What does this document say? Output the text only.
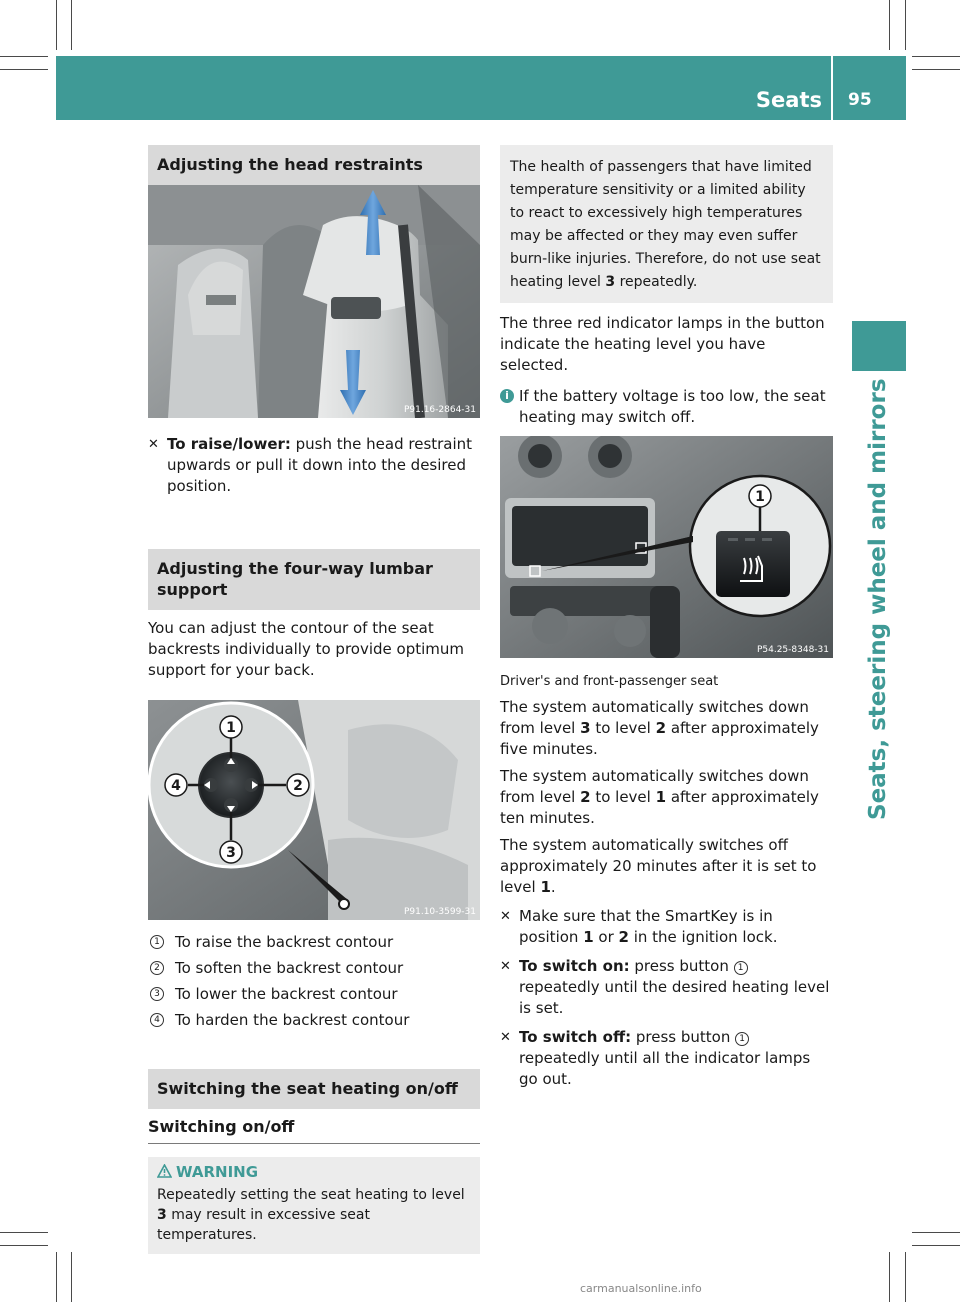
Seats 95
Seats, steering wheel and mirrors
Adjusting the head restraints
P91.16-2864-31
✕ To raise/lower: push the head restraint upwards or pull it down into the desired position.
Adjusting the four-way lumbar support

You can adjust the contour of the seat backrests individually to provide optimum support for your back.

1
2
3
4
P91.10-3599-31
1 To raise the backrest contour
2 To soften the backrest contour
3 To lower the backrest contour
4 To harden the backrest contour
Switching the seat heating on/off
Switching on/off
WARNING
Repeatedly setting the seat heating to level 3 may result in excessive seat temperatures.
The health of passengers that have limited temperature sensitivity or a limited ability to react to excessively high temperatures may be affected or they may even suffer burn-like injuries. Therefore, do not use seat heating level 3 repeatedly.

The three red indicator lamps in the button indicate the heating level you have selected.

i If the battery voltage is too low, the seat heating may switch off.
1
P54.25-8348-31
Driver's and front-passenger seat

The system automatically switches down from level 3 to level 2 after approximately five minutes.

The system automatically switches down from level 2 to level 1 after approximately ten minutes.

The system automatically switches off approximately 20 minutes after it is set to level 1.

✕ Make sure that the SmartKey is in position 1 or 2 in the ignition lock.
✕ To switch on: press button 1 repeatedly until the desired heating level is set.
✕ To switch off: press button 1 repeatedly until all the indicator lamps go out.
carmanualsonline.info
